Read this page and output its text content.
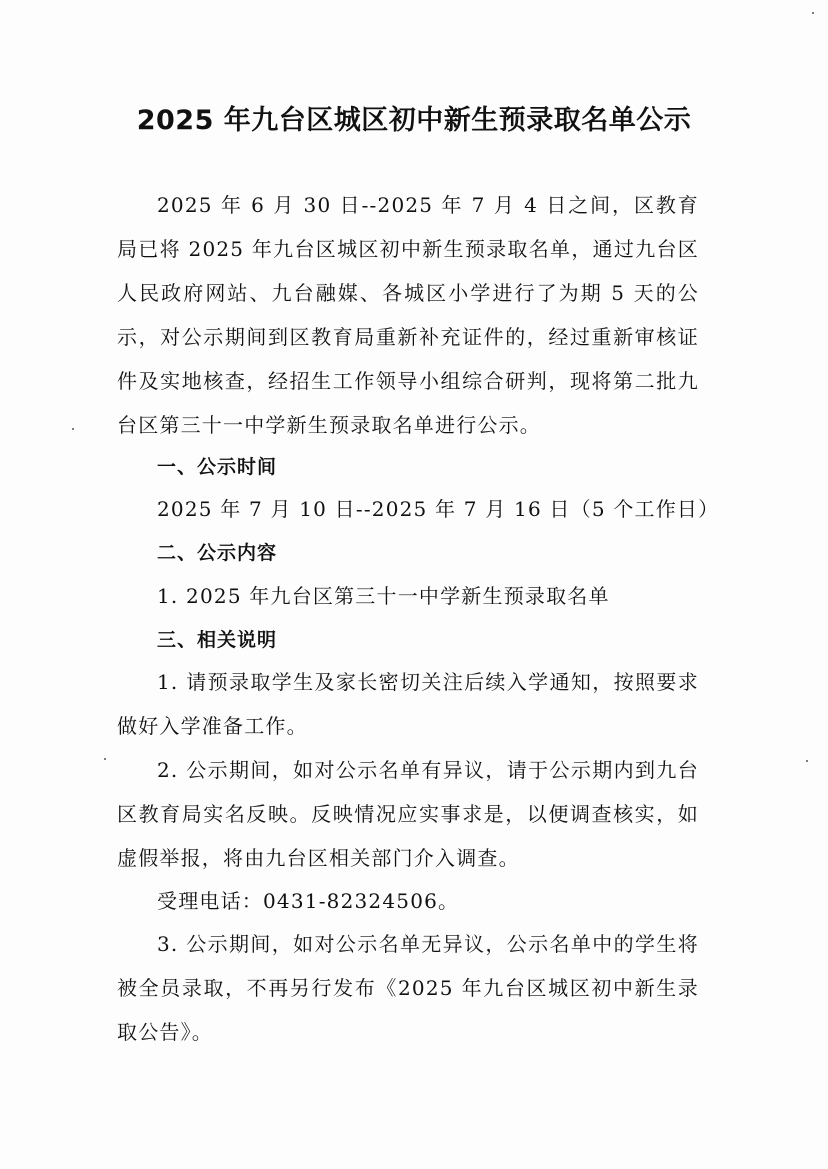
2025 年九台区城区初中新生预录取名单公示
2025 年 6 月 30 日--2025 年 7 月 4 日之间，区教育局已将 2025 年九台区城区初中新生预录取名单，通过九台区人民政府网站、九台融媒、各城区小学进行了为期 5 天的公示，对公示期间到区教育局重新补充证件的，经过重新审核证件及实地核查，经招生工作领导小组综合研判，现将第二批九台区第三十一中学新生预录取名单进行公示。
一、公示时间
2025 年 7 月 10 日--2025 年 7 月 16 日（5 个工作日）
二、公示内容
1. 2025 年九台区第三十一中学新生预录取名单
三、相关说明
1. 请预录取学生及家长密切关注后续入学通知，按照要求做好入学准备工作。
2. 公示期间，如对公示名单有异议，请于公示期内到九台区教育局实名反映。反映情况应实事求是，以便调查核实，如虚假举报，将由九台区相关部门介入调查。
受理电话：0431-82324506。
3. 公示期间，如对公示名单无异议，公示名单中的学生将被全员录取，不再另行发布《2025 年九台区城区初中新生录取公告》。
